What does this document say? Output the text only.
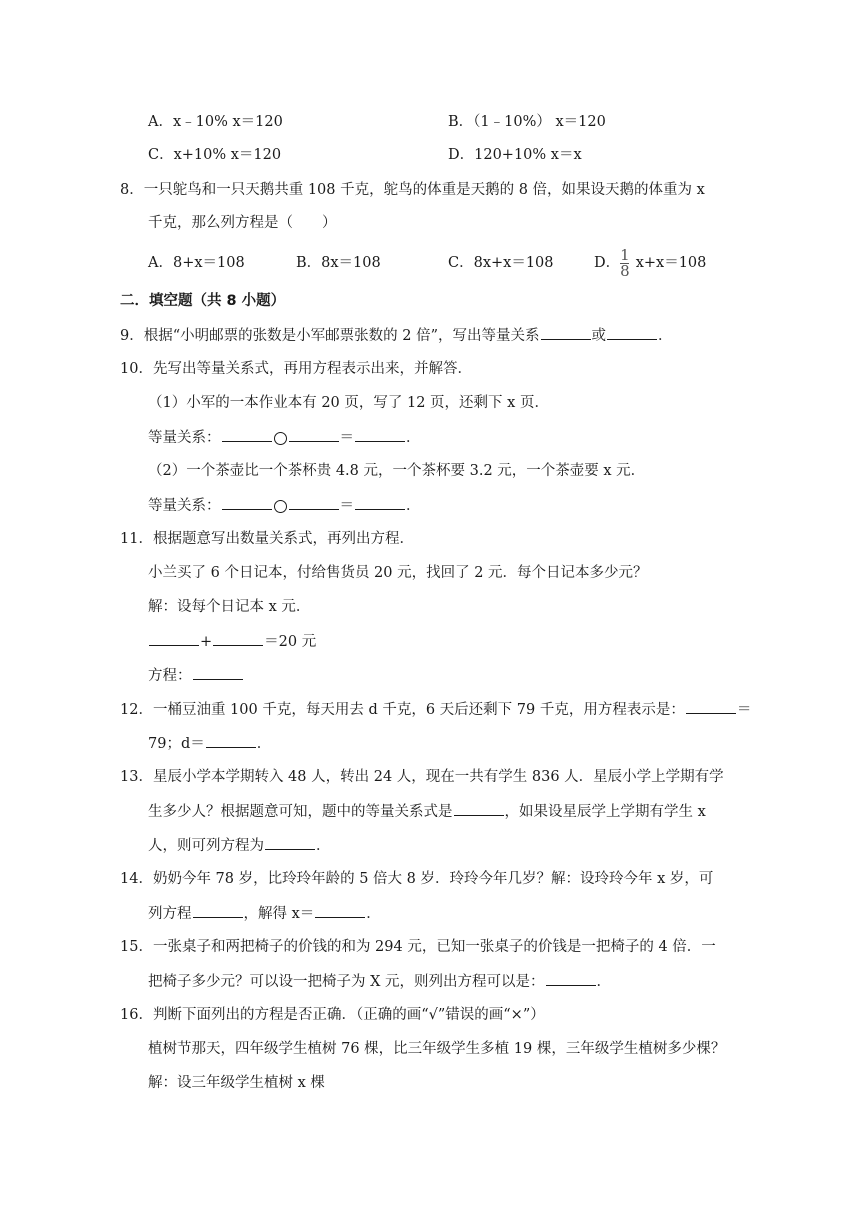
A．x﹣10% x＝120	B．（1﹣10%） x＝120
C．x+10% x＝120	D．120+10% x＝x
8．一只鸵鸟和一只天鹅共重 108 千克，鸵鸟的体重是天鹅的 8 倍，如果设天鹅的体重为 x
千克，那么列方程是（　　）
A．8+x＝108	B．8x＝108	C．8x+x＝108	D． $\frac{1}{8} x+x=108$
二．填空题（共 8 小题）
9．根据“小明邮票的张数是小军邮票张数的 2 倍”，写出等量关系	或	．
10．先写出等量关系式，再用方程表示出来，并解答．
（1）小军的一本作业本有 20 页，写了 12 页，还剩下 x 页．
等量关系：	＝	．
（2）一个茶壶比一个茶杯贵 4.8 元，一个茶杯要 3.2 元，一个茶壶要 x 元．
等量关系：	＝	．
11．根据题意写出数量关系式，再列出方程．
小兰买了 6 个日记本，付给售货员 20 元，找回了 2 元．每个日记本多少元？
解：设每个日记本 x 元．
+	＝20 元
方程：
12．一桶豆油重 100 千克，每天用去 d 千克，6 天后还剩下 79 千克，用方程表示是：	＝
79；d＝	．
13．星辰小学本学期转入 48 人，转出 24 人，现在一共有学生 836 人．星辰小学上学期有学
生多少人？根据题意可知，题中的等量关系式是	，如果设星辰学上学期有学生 x
人，则可列方程为	．
14．奶奶今年 78 岁，比玲玲年龄的 5 倍大 8 岁．玲玲今年几岁？解：设玲玲今年 x 岁，可
列方程	，解得 x＝	．
15．一张桌子和两把椅子的价钱的和为 294 元，已知一张桌子的价钱是一把椅子的 4 倍．一
把椅子多少元？可以设一把椅子为 X 元，则列出方程可以是：	．
16．判断下面列出的方程是否正确．（正确的画“√”错误的画“×”）
植树节那天，四年级学生植树 76 棵，比三年级学生多植 19 棵，三年级学生植树多少棵？
解：设三年级学生植树 x 棵
